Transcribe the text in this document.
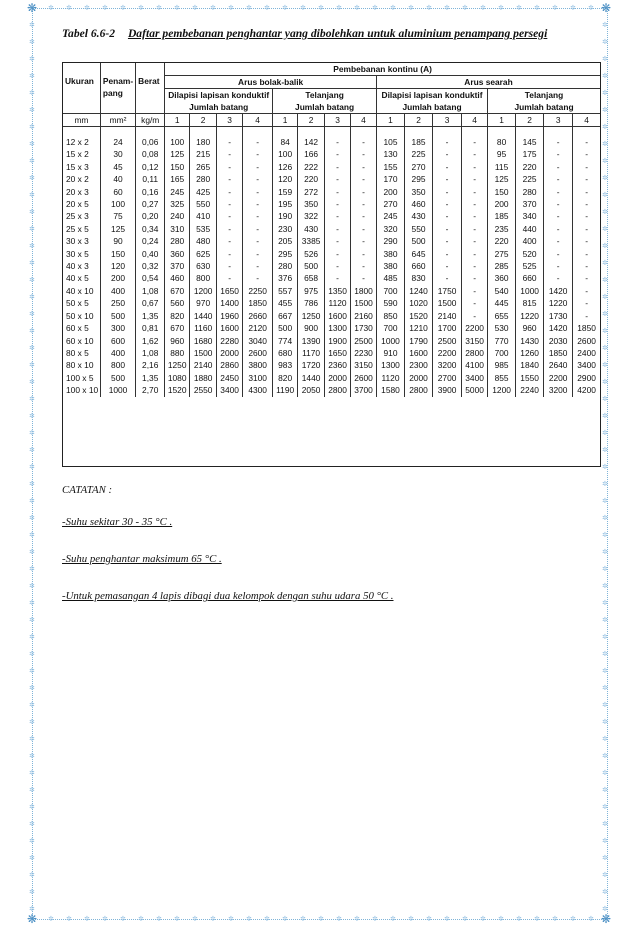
✲	✲
✲	✲
✲	✲
✲	✲
✲	✲
✲	✲
✲	✲
✲	✲
✲	✲
✲	✲
✲	✲
✲	✲
✲	✲
✲	✲
✲	✲
✲	✲
✲	✲
✲	✲
✲	✲
✲	✲
✲	✲
✲	✲
✲	✲
✲	✲
✲	✲
✲	✲
✲	✲
✲	✲
✲	✲
✲	✲
✲	✲
✲	✲
✲	✲
✲	✲
✲	✲
✲	✲
✲	✲
✲	✲
✲	✲
✲	✲
✲	✲
✲	✲
✲	✲
✲	✲
✲	✲
✲	✲
✲	✲
✲	✲
✲	✲
✲	✲
✲	✲
✲	✲
✲	✲
✲
✲
✲
✲
✲
✲
✲
✲
✲
✲
✲
✲
✲
✲
✲
✲
✲
✲
✲
✲
✲
✲
✲
✲
✲
✲
✲
✲
✲
✲
✲
✲
✲
✲
✲
✲
✲
✲
✲
✲
✲
✲
✲
✲
✲
✲
✲
✲
✲
✲
✲
✲
✲
✲
✲
✲
✲
✲
✲
✲
✲
✲
❋	❋
❋	❋
Tabel 6.6-2 Daftar pembebanan penghantar yang dibolehkan untuk aluminium penampang persegi
Ukuran	Penam-
pang	Berat	Pembebanan kontinu (A)															
			Arus bolak-balik								Arus searah							
			Dilapisi lapisan konduktif				Telanjang				Dilapisi lapisan konduktif				Telanjang			
			Jumlah batang				Jumlah batang				Jumlah batang				Jumlah batang			
mm	mm²	kg/m	1	2	3	4	1	2	3	4	1	2	3	4	1	2	3	4

12 x 2	24	0,06	100	180	-	-	84	142	-	-	105	185	-	-	80	145	-	-
15 x 2	30	0,08	125	215	-	-	100	166	-	-	130	225	-	-	95	175	-	-
15 x 3	45	0,12	150	265	-	-	126	222	-	-	155	270	-	-	115	220	-	-
20 x 2	40	0,11	165	280	-	-	120	220	-	-	170	295	-	-	125	225	-	-
20 x 3	60	0,16	245	425	-	-	159	272	-	-	200	350	-	-	150	280	-	-
20 x 5	100	0,27	325	550	-	-	195	350	-	-	270	460	-	-	200	370	-	-
25 x 3	75	0,20	240	410	-	-	190	322	-	-	245	430	-	-	185	340	-	-
25 x 5	125	0,34	310	535	-	-	230	430	-	-	320	550	-	-	235	440	-	-
30 x 3	90	0,24	280	480	-	-	205	3385	-	-	290	500	-	-	220	400	-	-
30 x 5	150	0,40	360	625	-	-	295	526	-	-	380	645	-	-	275	520	-	-
40 x 3	120	0,32	370	630	-	-	280	500	-	-	380	660	-	-	285	525	-	-
40 x 5	200	0,54	460	800	-	-	376	658	-	-	485	830	-	-	360	660	-	-
40 x 10	400	1,08	670	1200	1650	2250	557	975	1350	1800	700	1240	1750	-	540	1000	1420	-
50 x 5	250	0,67	560	970	1400	1850	455	786	1120	1500	590	1020	1500	-	445	815	1220	-
50 x 10	500	1,35	820	1440	1960	2660	667	1250	1600	2160	850	1520	2140	-	655	1220	1730	-
60 x 5	300	0,81	670	1160	1600	2120	500	900	1300	1730	700	1210	1700	2200	530	960	1420	1850
60 x 10	600	1,62	960	1680	2280	3040	774	1390	1900	2500	1000	1790	2500	3150	770	1430	2030	2600
80 x 5	400	1,08	880	1500	2000	2600	680	1170	1650	2230	910	1600	2200	2800	700	1260	1850	2400
80 x 10	800	2,16	1250	2140	2860	3800	983	1720	2360	3150	1300	2300	3200	4100	985	1840	2640	3400
100 x 5	500	1,35	1080	1880	2450	3100	820	1440	2000	2600	1120	2000	2700	3400	855	1550	2200	2900
100 x 10	1000	2,70	1520	2550	3400	4300	1190	2050	2800	3700	1580	2800	3900	5000	1200	2240	3200	4200
CATATAN :
-Suhu sekitar 30 - 35 °C .
-Suhu penghantar maksimum 65 °C .
-Untuk pemasangan 4 lapis dibagi dua kelompok dengan suhu udara 50 °C .
